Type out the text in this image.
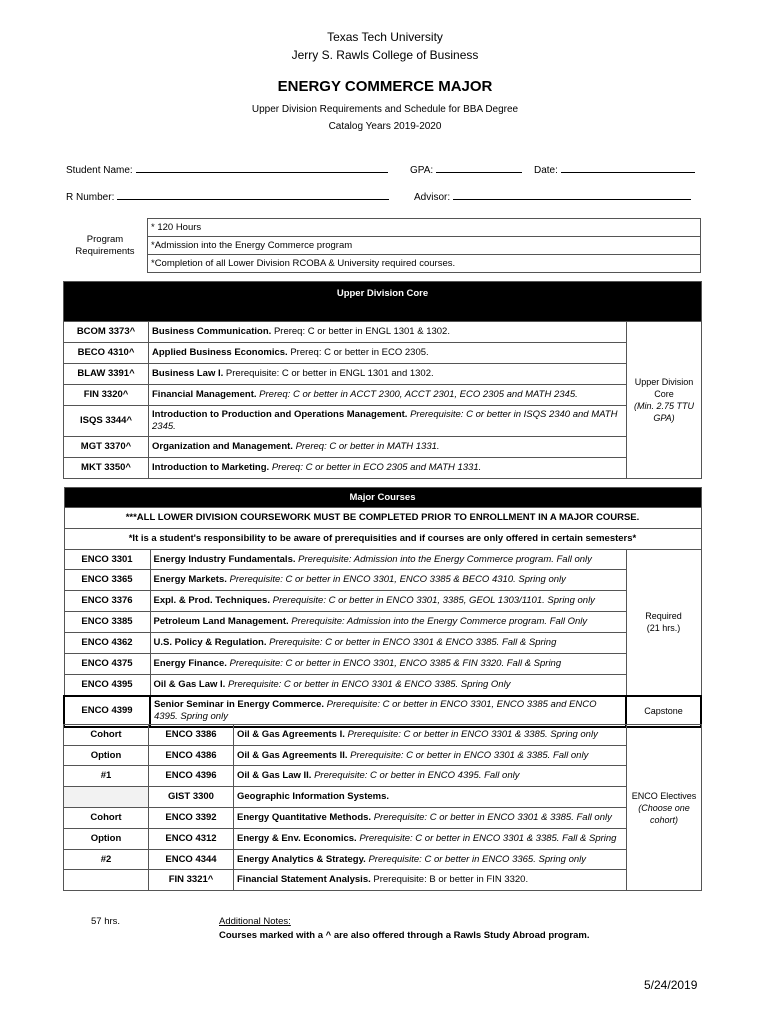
Texas Tech University
Jerry S. Rawls College of Business
ENERGY COMMERCE MAJOR
Upper Division Requirements and Schedule for BBA Degree
Catalog Years 2019-2020
Student Name:	GPA:	Date:
R Number:	Advisor:
Program
Requirements
	* 120 Hours
*Admission into the Energy Commerce program
*Completion of all Lower Division RCOBA & University required courses.
Upper Division Core		
BCOM 3373^	Business Communication. Prereq: C or better in ENGL 1301 & 1302.	Upper Division
Core
(Min. 2.75 TTU
GPA)

BECO 4310^	Applied Business Economics. Prereq: C or better in ECO 2305.	
BLAW 3391^	Business Law I. Prerequisite: C or better in ENGL 1301 and 1302.	
FIN 3320^	Financial Management. Prereq: C or better in ACCT 2300, ACCT 2301, ECO 2305 and MATH 2345.	
ISQS 3344^	Introduction to Production and Operations Management. Prerequisite: C or better in ISQS 2340 and MATH 2345.	
MGT 3370^	Organization and Management. Prereq: C or better in MATH 1331.	
MKT 3350^	Introduction to Marketing. Prereq: C or better in ECO 2305 and MATH 1331.	
Major Courses		
***ALL LOWER DIVISION COURSEWORK MUST BE COMPLETED PRIOR TO ENROLLMENT IN A MAJOR COURSE.		
*It is a student's responsibility to be aware of prerequisities and if courses are only offered in certain semesters*		
ENCO 3301	Energy Industry Fundamentals. Prerequisite: Admission into the Energy Commerce program. Fall only	Required
(21 hrs.)

ENCO 3365	Energy Markets. Prerequisite: C or better in ENCO 3301, ENCO 3385 & BECO 4310. Spring only	
ENCO 3376	Expl. & Prod. Techniques. Prerequisite: C or better in ENCO 3301, 3385, GEOL 1303/1101. Spring only	
ENCO 3385	Petroleum Land Management. Prerequisite: Admission into the Energy Commerce program. Fall Only	
ENCO 4362	U.S. Policy & Regulation. Prerequisite: C or better in ENCO 3301 & ENCO 3385. Fall & Spring	
ENCO 4375	Energy Finance. Prerequisite: C or better in ENCO 3301, ENCO 3385 & FIN 3320. Fall & Spring	
ENCO 4395	Oil & Gas Law I. Prerequisite: C or better in ENCO 3301 & ENCO 3385. Spring Only	
ENCO 4399	Senior Seminar in Energy Commerce. Prerequisite: C or better in ENCO 3301, ENCO 3385 and ENCO 4395. Spring only	Capstone
Cohort	ENCO 3386	Oil & Gas Agreements I. Prerequisite: C or better in ENCO 3301 & 3385. Spring only	ENCO Electives
(Choose one
cohort)

Option	ENCO 4386	Oil & Gas Agreements II. Prerequisite: C or better in ENCO 3301 & 3385. Fall only	
#1	ENCO 4396	Oil & Gas Law II. Prerequisite: C or better in ENCO 4395. Fall only	
	GIST 3300	Geographic Information Systems.	
Cohort	ENCO 3392	Energy Quantitative Methods. Prerequisite: C or better in ENCO 3301 & 3385. Fall only	
Option	ENCO 4312	Energy & Env. Economics. Prerequisite: C or better in ENCO 3301 & 3385. Fall & Spring	
#2	ENCO 4344	Energy Analytics & Strategy. Prerequisite: C or better in ENCO 3365. Spring only	
	FIN 3321^	Financial Statement Analysis. Prerequisite: B or better in FIN 3320.	
57 hrs.	Additional Notes:
Courses marked with a ^ are also offered through a Rawls Study Abroad program.
5/24/2019
